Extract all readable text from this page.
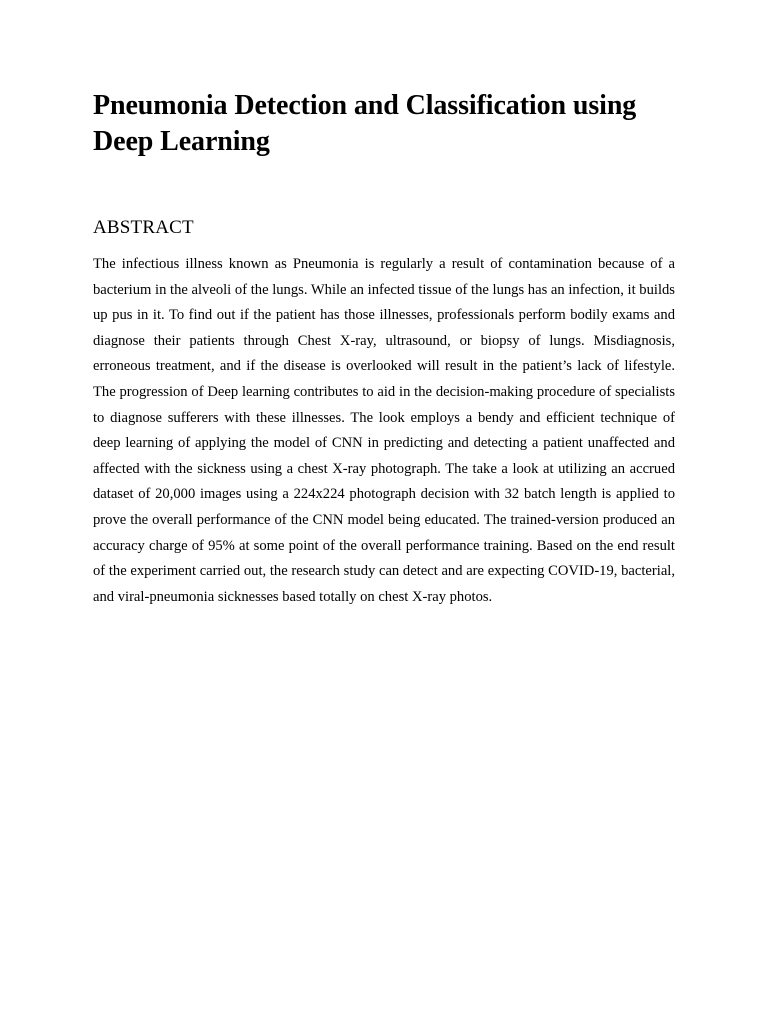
Pneumonia Detection and Classification using Deep Learning
ABSTRACT

The infectious illness known as Pneumonia is regularly a result of contamination because of a bacterium in the alveoli of the lungs. While an infected tissue of the lungs has an infection, it builds up pus in it. To find out if the patient has those illnesses, professionals perform bodily exams and diagnose their patients through Chest X-ray, ultrasound, or biopsy of lungs. Misdiagnosis, erroneous treatment, and if the disease is overlooked will result in the patient’s lack of lifestyle. The progression of Deep learning contributes to aid in the decision-making procedure of specialists to diagnose sufferers with these illnesses. The look employs a bendy and efficient technique of deep learning of applying the model of CNN in predicting and detecting a patient unaffected and affected with the sickness using a chest X-ray photograph. The take a look at utilizing an accrued dataset of 20,000 images using a 224x224 photograph decision with 32 batch length is applied to prove the overall performance of the CNN model being educated. The trained-version produced an accuracy charge of 95% at some point of the overall performance training. Based on the end result of the experiment carried out, the research study can detect and are expecting COVID-19, bacterial, and viral-pneumonia sicknesses based totally on chest X-ray photos.
